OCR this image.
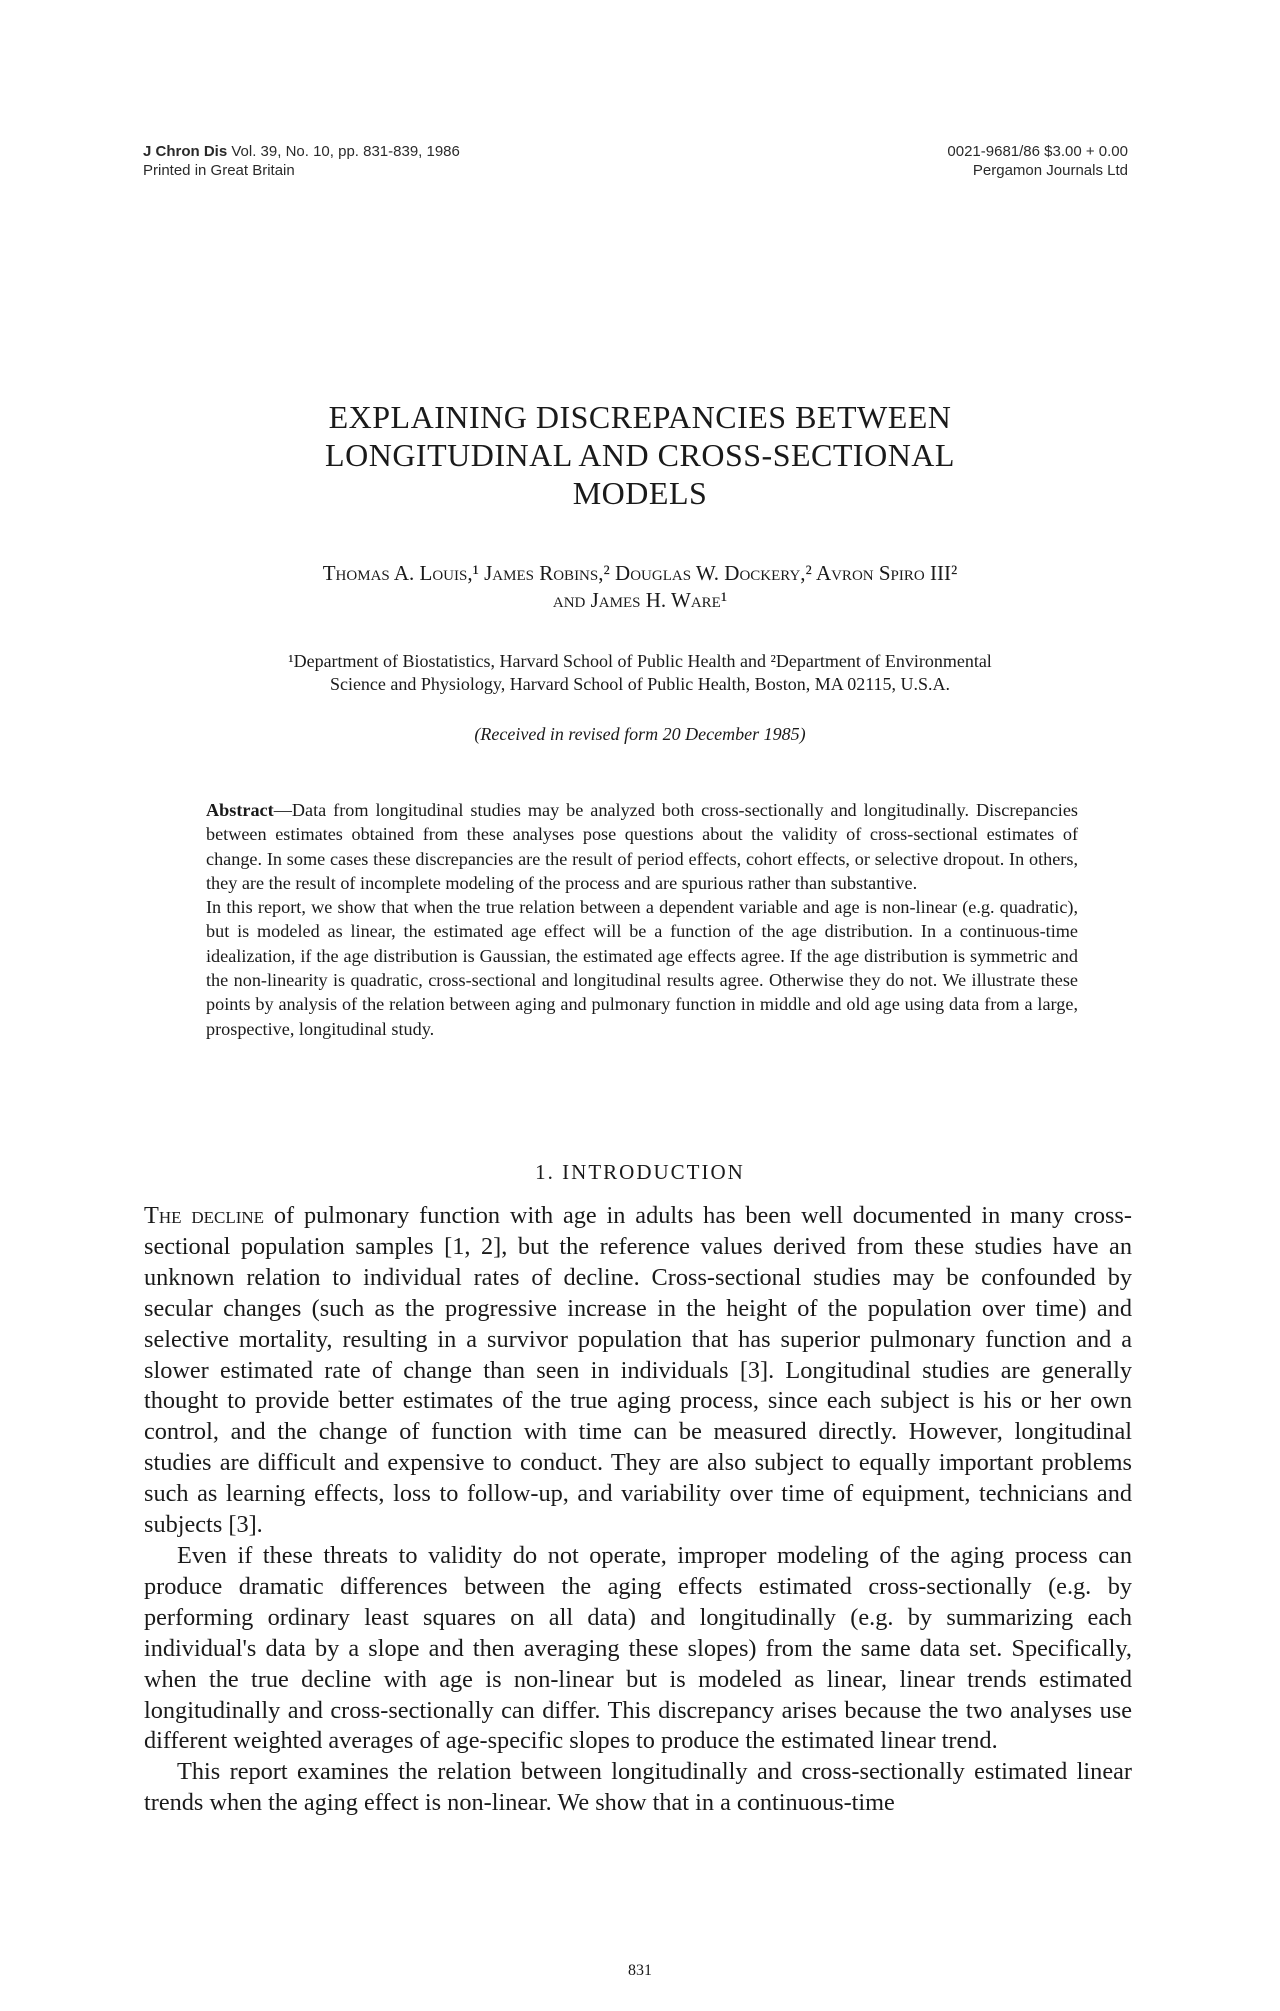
J Chron Dis Vol. 39, No. 10, pp. 831-839, 1986
Printed in Great Britain
0021-9681/86 $3.00 + 0.00
Pergamon Journals Ltd
EXPLAINING DISCREPANCIES BETWEEN
LONGITUDINAL AND CROSS-SECTIONAL
MODELS
Thomas A. Louis,¹ James Robins,² Douglas W. Dockery,² Avron Spiro III²
and James H. Ware¹
¹Department of Biostatistics, Harvard School of Public Health and ²Department of Environmental
Science and Physiology, Harvard School of Public Health, Boston, MA 02115, U.S.A.
(Received in revised form 20 December 1985)

Abstract—Data from longitudinal studies may be analyzed both cross-sectionally and longitudinally. Discrepancies between estimates obtained from these analyses pose questions about the validity of cross-sectional estimates of change. In some cases these discrepancies are the result of period effects, cohort effects, or selective dropout. In others, they are the result of incomplete modeling of the process and are spurious rather than substantive.

In this report, we show that when the true relation between a dependent variable and age is non-linear (e.g. quadratic), but is modeled as linear, the estimated age effect will be a function of the age distribution. In a continuous-time idealization, if the age distribution is Gaussian, the estimated age effects agree. If the age distribution is symmetric and the non-linearity is quadratic, cross-sectional and longitudinal results agree. Otherwise they do not. We illustrate these points by analysis of the relation between aging and pulmonary function in middle and old age using data from a large, prospective, longitudinal study.

1. INTRODUCTION

The decline of pulmonary function with age in adults has been well documented in many cross-sectional population samples [1, 2], but the reference values derived from these studies have an unknown relation to individual rates of decline. Cross-sectional studies may be confounded by secular changes (such as the progressive increase in the height of the population over time) and selective mortality, resulting in a survivor population that has superior pulmonary function and a slower estimated rate of change than seen in individuals [3]. Longitudinal studies are generally thought to provide better estimates of the true aging process, since each subject is his or her own control, and the change of function with time can be measured directly. However, longitudinal studies are difficult and expensive to conduct. They are also subject to equally important problems such as learning effects, loss to follow-up, and variability over time of equipment, technicians and subjects [3].

Even if these threats to validity do not operate, improper modeling of the aging process can produce dramatic differences between the aging effects estimated cross-sectionally (e.g. by performing ordinary least squares on all data) and longitudinally (e.g. by summarizing each individual's data by a slope and then averaging these slopes) from the same data set. Specifically, when the true decline with age is non-linear but is modeled as linear, linear trends estimated longitudinally and cross-sectionally can differ. This discrepancy arises because the two analyses use different weighted averages of age-specific slopes to produce the estimated linear trend.

This report examines the relation between longitudinally and cross-sectionally estimated linear trends when the aging effect is non-linear. We show that in a continuous-time

831
